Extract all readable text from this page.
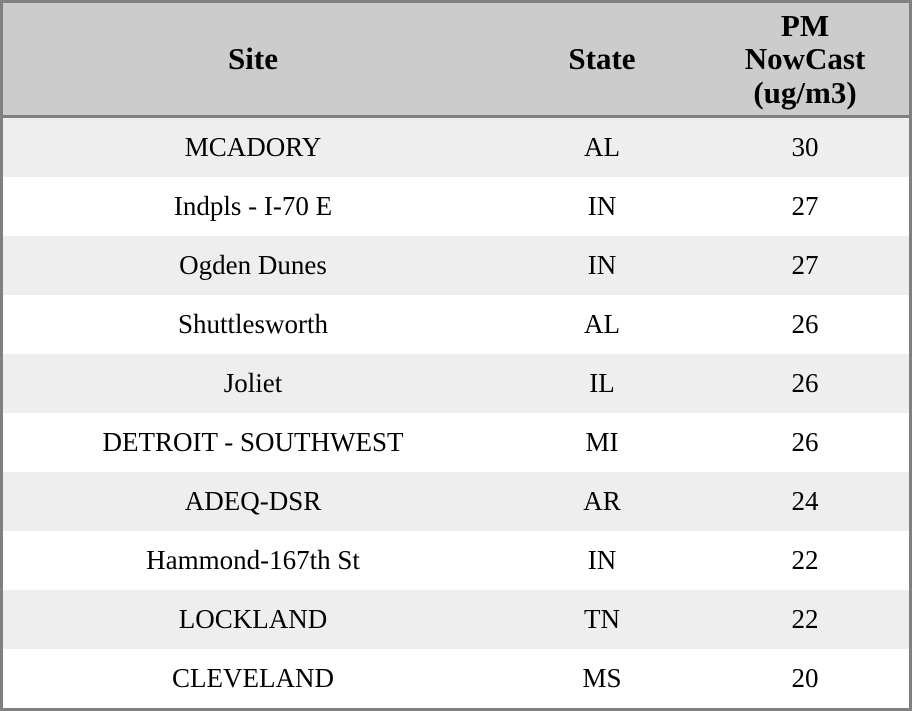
Site	State	PM
NowCast
(ug/m3)

MCADORY	AL	30
Indpls - I-70 E	IN	27
Ogden Dunes	IN	27
Shuttlesworth	AL	26
Joliet	IL	26
DETROIT - SOUTHWEST	MI	26
ADEQ-DSR	AR	24
Hammond-167th St	IN	22
LOCKLAND	TN	22
CLEVELAND	MS	20
